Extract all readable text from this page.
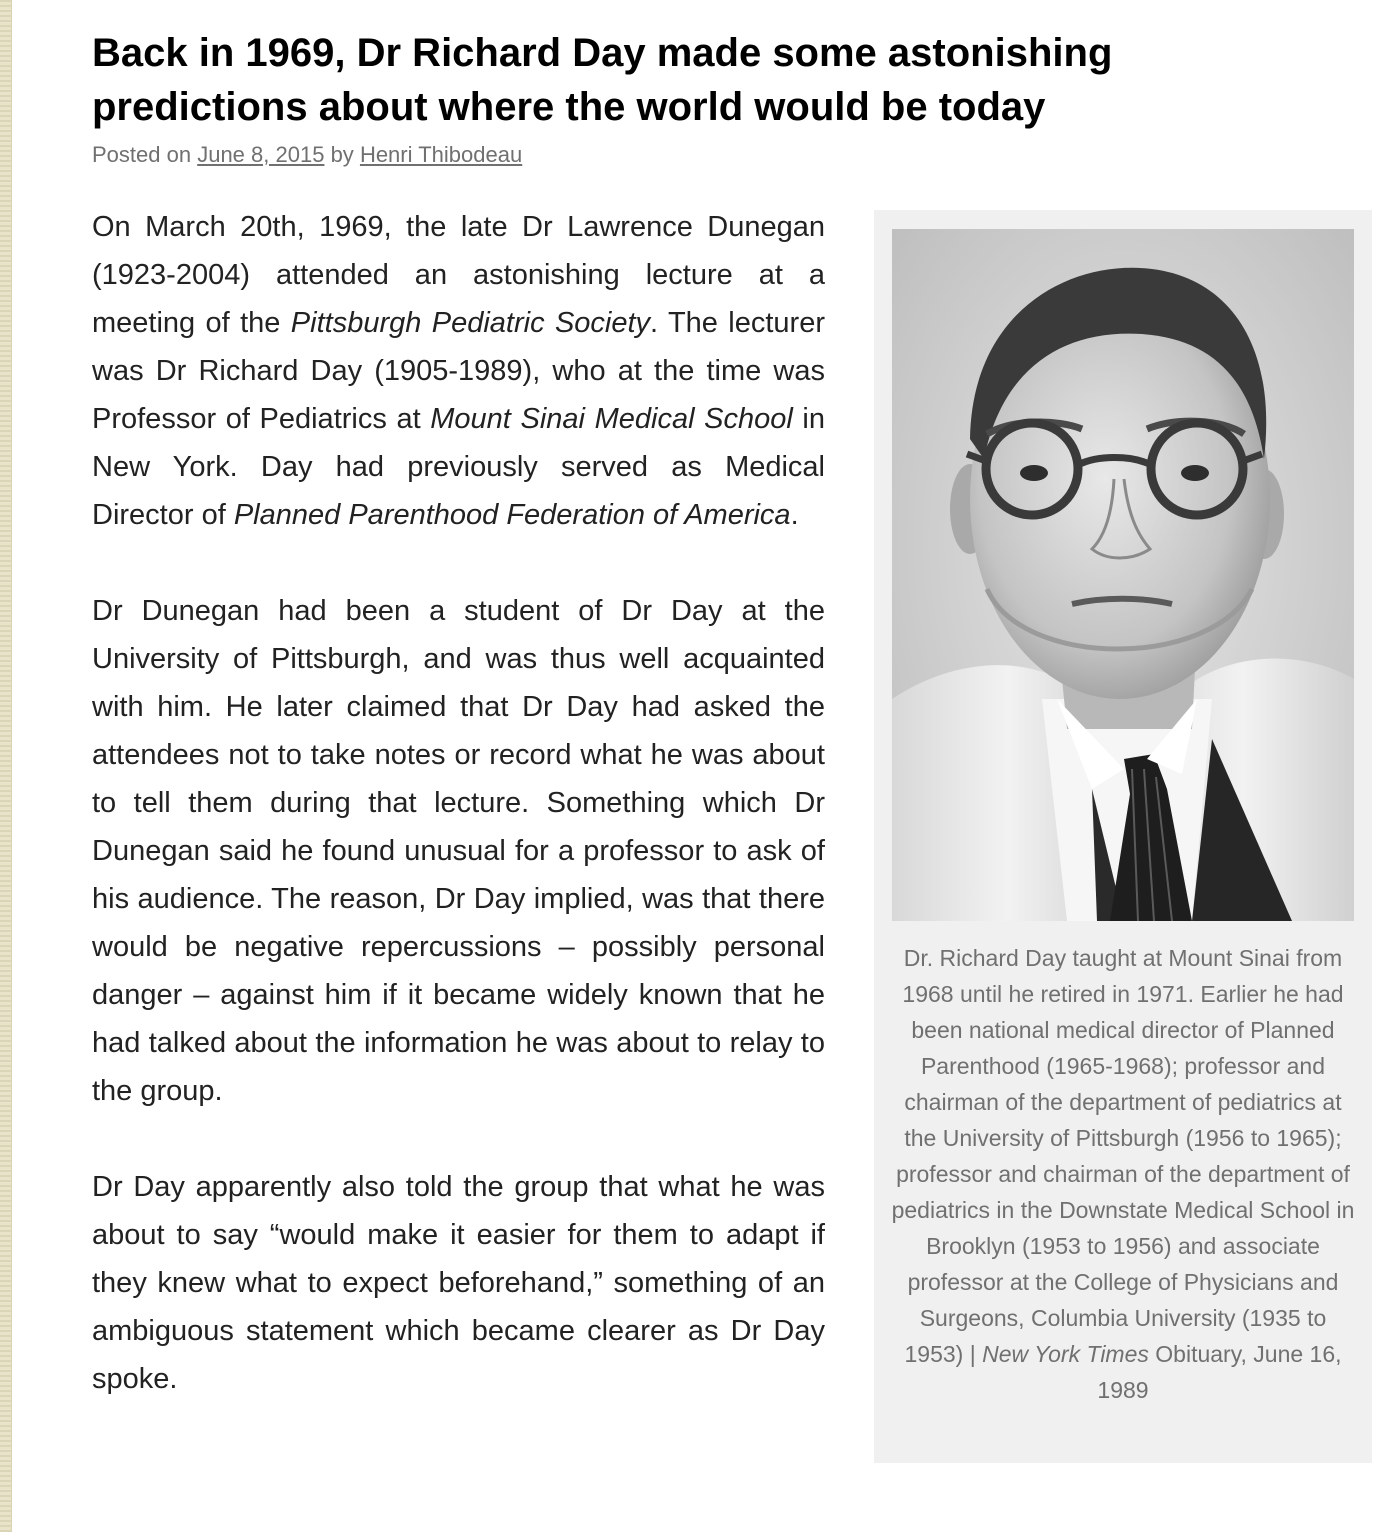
Back in 1969, Dr Richard Day made some astonishing predictions about where the world would be today
Posted on June 8, 2015 by Henri Thibodeau

On March 20th, 1969, the late Dr Lawrence Dunegan (1923-2004) attended an astonishing lecture at a meeting of the Pittsburgh Pediatric Society. The lecturer was Dr Richard Day (1905-1989), who at the time was Professor of Pediatrics at Mount Sinai Medical School in New York. Day had previously served as Medical Director of Planned Parenthood Federation of America.

Dr Dunegan had been a student of Dr Day at the University of Pittsburgh, and was thus well acquainted with him. He later claimed that Dr Day had asked the attendees not to take notes or record what he was about to tell them during that lecture. Something which Dr Dunegan said he found unusual for a professor to ask of his audience. The reason, Dr Day implied, was that there would be negative repercussions – possibly personal danger – against him if it became widely known that he had talked about the information he was about to relay to the group.

Dr Day apparently also told the group that what he was about to say “would make it easier for them to adapt if they knew what to expect beforehand,” something of an ambiguous statement which became clearer as Dr Day spoke.

Dr. Richard Day taught at Mount Sinai from 1968 until he retired in 1971. Earlier he had been national medical director of Planned Parenthood (1965-1968); professor and chairman of the department of pediatrics at the University of Pittsburgh (1956 to 1965); professor and chairman of the department of pediatrics in the Downstate Medical School in Brooklyn (1953 to 1956) and associate professor at the College of Physicians and Surgeons, Columbia University (1935 to 1953) | New York Times Obituary, June 16, 1989
